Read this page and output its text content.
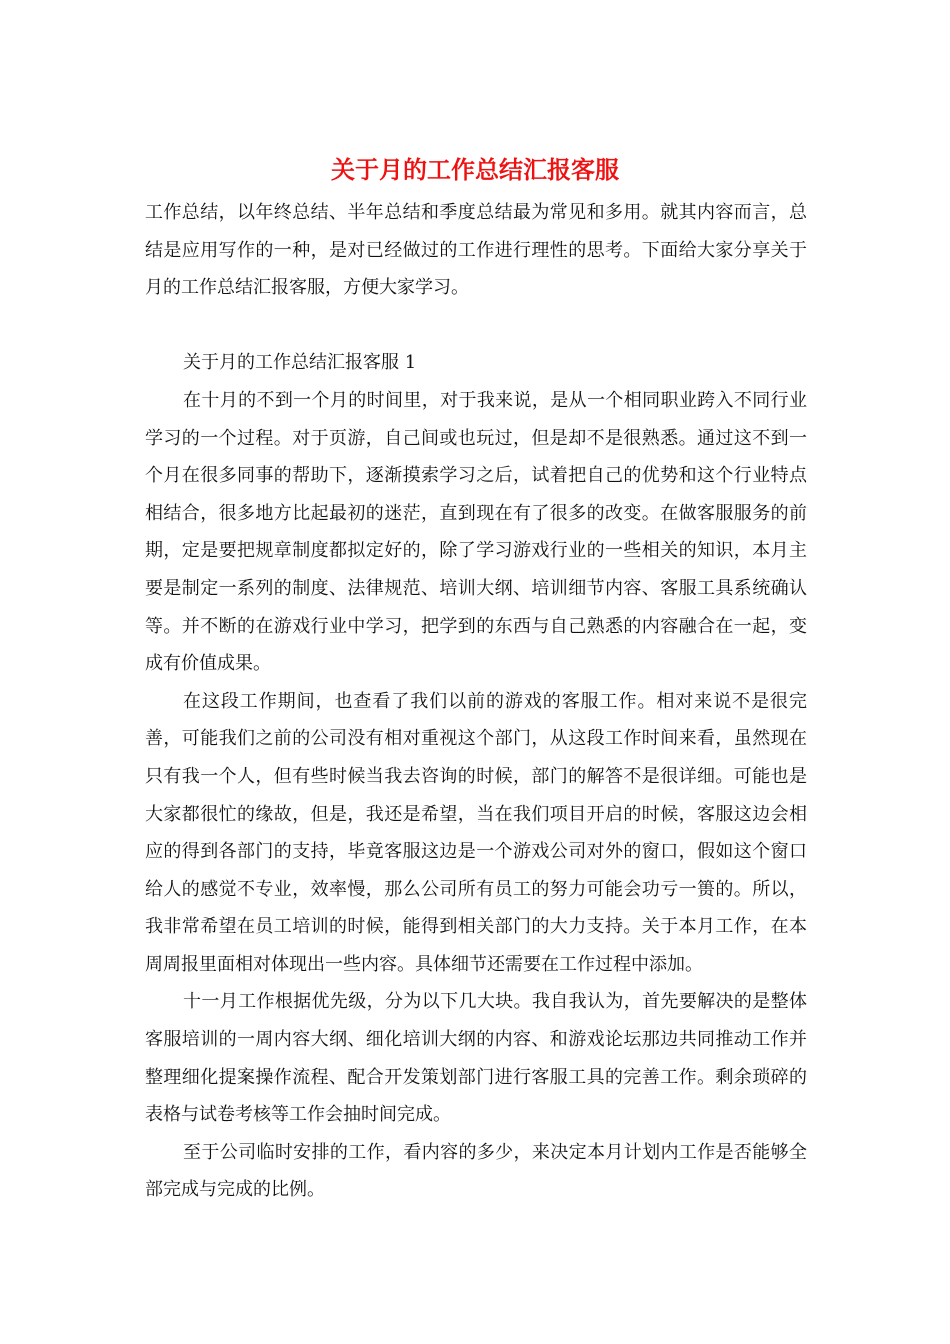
关于月的工作总结汇报客服

工作总结，以年终总结、半年总结和季度总结最为常见和多用。就其内容而言，总结是应用写作的一种，是对已经做过的工作进行理性的思考。下面给大家分享关于月的工作总结汇报客服，方便大家学习。

关于月的工作总结汇报客服 1

在十月的不到一个月的时间里，对于我来说，是从一个相同职业跨入不同行业学习的一个过程。对于页游，自己间或也玩过，但是却不是很熟悉。通过这不到一个月在很多同事的帮助下，逐渐摸索学习之后，试着把自己的优势和这个行业特点相结合，很多地方比起最初的迷茫，直到现在有了很多的改变。在做客服服务的前期，定是要把规章制度都拟定好的，除了学习游戏行业的一些相关的知识，本月主要是制定一系列的制度、法律规范、培训大纲、培训细节内容、客服工具系统确认等。并不断的在游戏行业中学习，把学到的东西与自己熟悉的内容融合在一起，变成有价值成果。

在这段工作期间，也查看了我们以前的游戏的客服工作。相对来说不是很完善，可能我们之前的公司没有相对重视这个部门，从这段工作时间来看，虽然现在只有我一个人，但有些时候当我去咨询的时候，部门的解答不是很详细。可能也是大家都很忙的缘故，但是，我还是希望，当在我们项目开启的时候，客服这边会相应的得到各部门的支持，毕竟客服这边是一个游戏公司对外的窗口，假如这个窗口给人的感觉不专业，效率慢，那么公司所有员工的努力可能会功亏一篑的。所以，我非常希望在员工培训的时候，能得到相关部门的大力支持。关于本月工作，在本周周报里面相对体现出一些内容。具体细节还需要在工作过程中添加。

十一月工作根据优先级，分为以下几大块。我自我认为，首先要解决的是整体客服培训的一周内容大纲、细化培训大纲的内容、和游戏论坛那边共同推动工作并整理细化提案操作流程、配合开发策划部门进行客服工具的完善工作。剩余琐碎的表格与试卷考核等工作会抽时间完成。

至于公司临时安排的工作，看内容的多少，来决定本月计划内工作是否能够全部完成与完成的比例。
